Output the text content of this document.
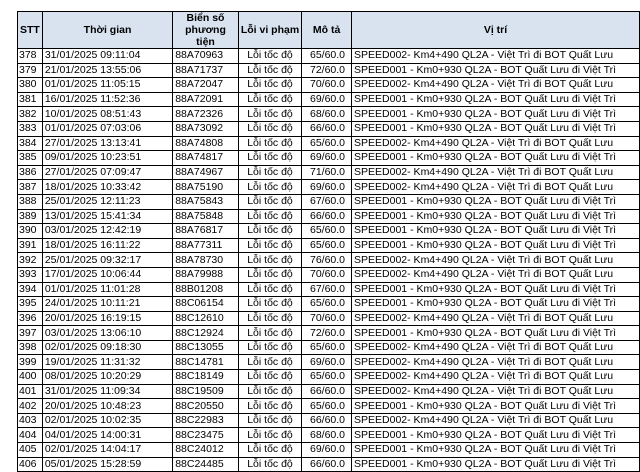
STT	Thời gian	Biển số phương tiện	Lỗi vi phạm	Mô tả	Vị trí
378	31/01/2025 09:11:04	88A70963	Lỗi tốc độ	65/60.0	SPEED002- Km4+490 QL2A - Việt Trì đi BOT Quất Lưu
379	21/01/2025 13:55:06	88A71737	Lỗi tốc độ	72/60.0	SPEED001 - Km0+930 QL2A - BOT Quất Lưu đi Việt Trì
380	01/01/2025 11:05:15	88A72047	Lỗi tốc độ	70/60.0	SPEED002- Km4+490 QL2A - Việt Trì đi BOT Quất Lưu
381	16/01/2025 11:52:36	88A72091	Lỗi tốc độ	69/60.0	SPEED001 - Km0+930 QL2A - BOT Quất Lưu đi Việt Trì
382	10/01/2025 08:51:43	88A72326	Lỗi tốc độ	68/60.0	SPEED001 - Km0+930 QL2A - BOT Quất Lưu đi Việt Trì
383	01/01/2025 07:03:06	88A73092	Lỗi tốc độ	66/60.0	SPEED001 - Km0+930 QL2A - BOT Quất Lưu đi Việt Trì
384	27/01/2025 13:13:41	88A74808	Lỗi tốc độ	65/60.0	SPEED002- Km4+490 QL2A - Việt Trì đi BOT Quất Lưu
385	09/01/2025 10:23:51	88A74817	Lỗi tốc độ	69/60.0	SPEED001 - Km0+930 QL2A - BOT Quất Lưu đi Việt Trì
386	27/01/2025 07:09:47	88A74967	Lỗi tốc độ	71/60.0	SPEED002- Km4+490 QL2A - Việt Trì đi BOT Quất Lưu
387	18/01/2025 10:33:42	88A75190	Lỗi tốc độ	69/60.0	SPEED002- Km4+490 QL2A - Việt Trì đi BOT Quất Lưu
388	25/01/2025 12:11:23	88A75843	Lỗi tốc độ	67/60.0	SPEED001 - Km0+930 QL2A - BOT Quất Lưu đi Việt Trì
389	13/01/2025 15:41:34	88A75848	Lỗi tốc độ	66/60.0	SPEED001 - Km0+930 QL2A - BOT Quất Lưu đi Việt Trì
390	03/01/2025 12:42:19	88A76817	Lỗi tốc độ	65/60.0	SPEED001 - Km0+930 QL2A - BOT Quất Lưu đi Việt Trì
391	18/01/2025 16:11:22	88A77311	Lỗi tốc độ	65/60.0	SPEED001 - Km0+930 QL2A - BOT Quất Lưu đi Việt Trì
392	25/01/2025 09:32:17	88A78730	Lỗi tốc độ	76/60.0	SPEED002- Km4+490 QL2A - Việt Trì đi BOT Quất Lưu
393	17/01/2025 10:06:44	88A79988	Lỗi tốc độ	70/60.0	SPEED002- Km4+490 QL2A - Việt Trì đi BOT Quất Lưu
394	01/01/2025 11:01:28	88B01208	Lỗi tốc độ	67/60.0	SPEED001 - Km0+930 QL2A - BOT Quất Lưu đi Việt Trì
395	24/01/2025 10:11:21	88C06154	Lỗi tốc độ	65/60.0	SPEED001 - Km0+930 QL2A - BOT Quất Lưu đi Việt Trì
396	20/01/2025 16:19:15	88C12610	Lỗi tốc độ	70/60.0	SPEED002- Km4+490 QL2A - Việt Trì đi BOT Quất Lưu
397	03/01/2025 13:06:10	88C12924	Lỗi tốc độ	72/60.0	SPEED001 - Km0+930 QL2A - BOT Quất Lưu đi Việt Trì
398	02/01/2025 09:18:30	88C13055	Lỗi tốc độ	65/60.0	SPEED002- Km4+490 QL2A - Việt Trì đi BOT Quất Lưu
399	19/01/2025 11:31:32	88C14781	Lỗi tốc độ	69/60.0	SPEED002- Km4+490 QL2A - Việt Trì đi BOT Quất Lưu
400	08/01/2025 10:20:29	88C18149	Lỗi tốc độ	65/60.0	SPEED002- Km4+490 QL2A - Việt Trì đi BOT Quất Lưu
401	31/01/2025 11:09:34	88C19509	Lỗi tốc độ	66/60.0	SPEED002- Km4+490 QL2A - Việt Trì đi BOT Quất Lưu
402	20/01/2025 10:48:23	88C20550	Lỗi tốc độ	65/60.0	SPEED001 - Km0+930 QL2A - BOT Quất Lưu đi Việt Trì
403	02/01/2025 10:02:35	88C22983	Lỗi tốc độ	66/60.0	SPEED002- Km4+490 QL2A - Việt Trì đi BOT Quất Lưu
404	04/01/2025 14:00:31	88C23475	Lỗi tốc độ	68/60.0	SPEED001 - Km0+930 QL2A - BOT Quất Lưu đi Việt Trì
405	02/01/2025 14:04:17	88C24012	Lỗi tốc độ	69/60.0	SPEED001 - Km0+930 QL2A - BOT Quất Lưu đi Việt Trì
406	05/01/2025 15:28:59	88C24485	Lỗi tốc độ	66/60.0	SPEED001 - Km0+930 QL2A - BOT Quất Lưu đi Việt Trì
